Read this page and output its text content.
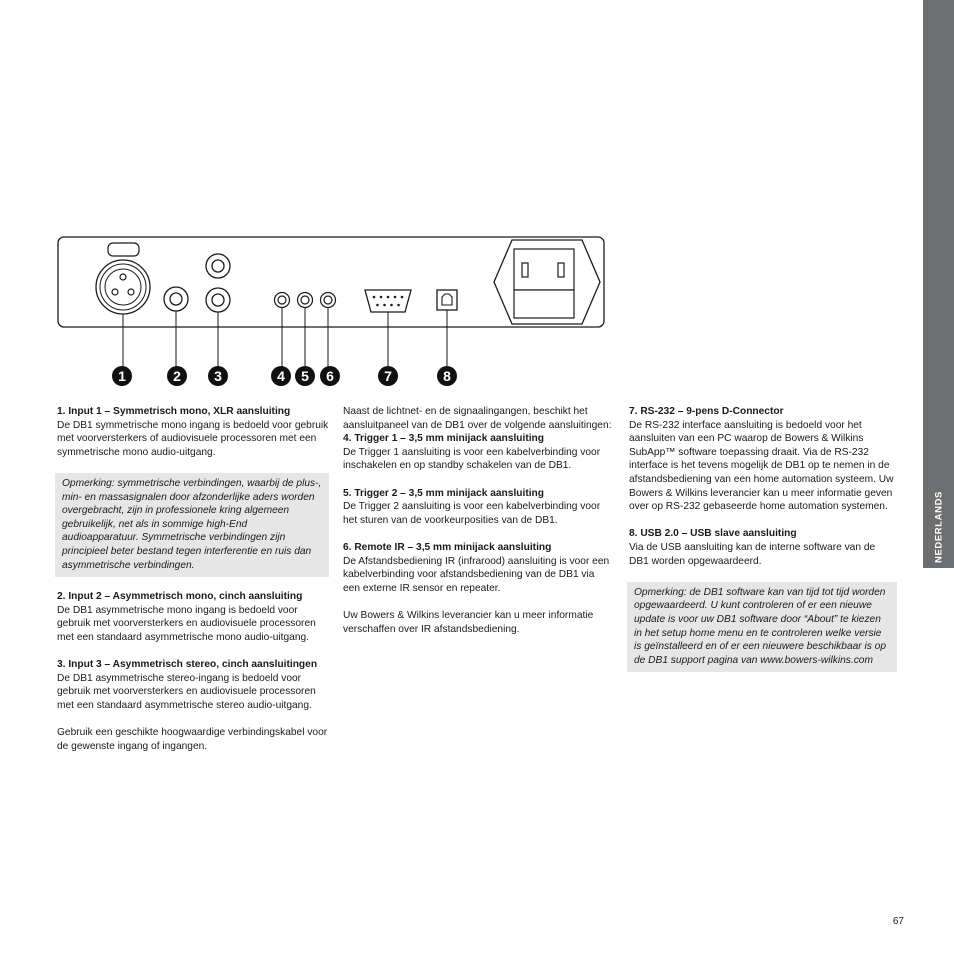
NEDERLANDS
1	2 3	4 5 6	7	8
1. Input 1 – Symmetrisch mono, XLR aansluiting

De DB1 symmetrische mono ingang is bedoeld voor gebruik met voorversterkers of audiovisuele processoren met een symmetrische mono audio-uitgang.

Opmerking: symmetrische verbindingen, waarbij de plus-, min- en massasignalen door afzonderlijke aders worden overgebracht, zijn in professionele kring algemeen gebruikelijk, net als in sommige high-End audioapparatuur. Symmetrische verbindingen zijn principieel beter bestand tegen interferentie en ruis dan asymmetrische verbindingen.
2. Input 2 – Asymmetrisch mono, cinch aansluiting

De DB1 asymmetrische mono ingang is bedoeld voor gebruik met voorversterkers en audiovisuele processoren met een standaard asymmetrische mono audio-uitgang.

3. Input 3 – Asymmetrisch stereo, cinch aansluitingen

De DB1 asymmetrische stereo-ingang is bedoeld voor gebruik met voorversterkers en audiovisuele processoren met een standaard asymmetrische stereo audio-uitgang.

Gebruik een geschikte hoogwaardige verbindingskabel voor de gewenste ingang of ingangen.

Naast de lichtnet- en de signaalingangen, beschikt het aansluitpaneel van de DB1 over de volgende aansluitingen:

4. Trigger 1 – 3,5 mm minijack aansluiting

De Trigger 1 aansluiting is voor een kabelverbinding voor inschakelen en op standby schakelen van de DB1.

5. Trigger 2 – 3,5 mm minijack aansluiting

De Trigger 2 aansluiting is voor een kabelverbinding voor het sturen van de voorkeurposities van de DB1.

6. Remote IR – 3,5 mm minijack aansluiting

De Afstandsbediening IR (infrarood) aansluiting is voor een kabelverbinding voor afstandsbediening van de DB1 via een externe IR sensor en repeater.

Uw Bowers & Wilkins leverancier kan u meer informatie verschaffen over IR afstandsbediening.

7. RS-232 – 9-pens D-Connector

De RS-232 interface aansluiting is bedoeld voor het aansluiten van een PC waarop de Bowers & Wilkins SubApp™ software toepassing draait. Via de RS-232 interface is het tevens mogelijk de DB1 op te nemen in de afstandsbediening van een home automation systeem. Uw Bowers & Wilkins leverancier kan u meer informatie geven over op RS-232 gebaseerde home automation systemen.

8. USB 2.0 – USB slave aansluiting

Via de USB aansluiting kan de interne software van de DB1 worden opgewaardeerd.

Opmerking: de DB1 software kan van tijd tot tijd worden opgewaardeerd. U kunt controleren of er een nieuwe update is voor uw DB1 software door “About” te kiezen in het setup home menu en te controleren welke versie is geïnstalleerd en of er een nieuwere beschikbaar is op de DB1 support pagina van www.bowers-wilkins.com
67
